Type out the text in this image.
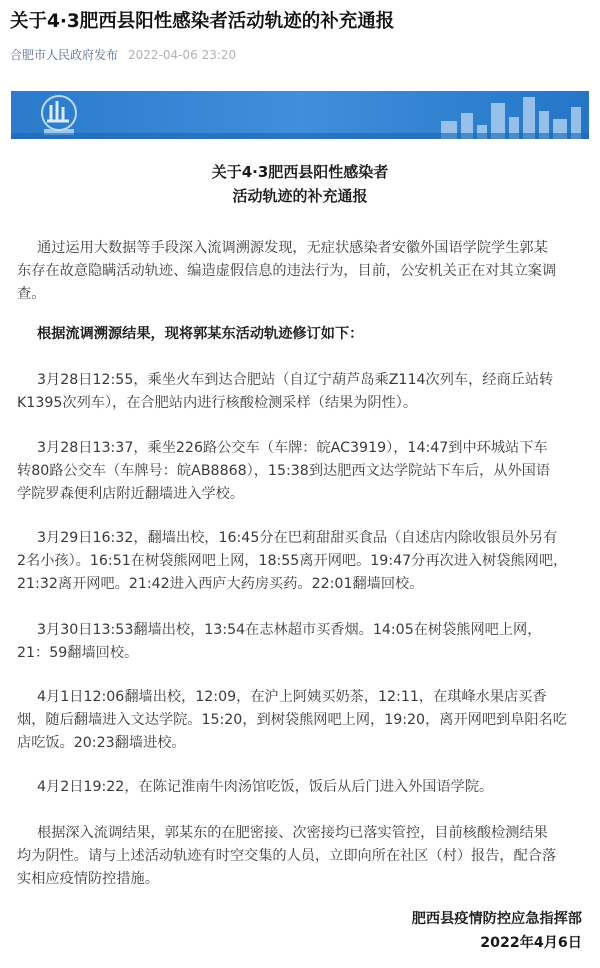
关于4·3肥西县阳性感染者活动轨迹的补充通报
合肥市人民政府发布 2022-04-06 23:20
关于4·3肥西县阳性感染者
活动轨迹的补充通报
通过运用大数据等手段深入流调溯源发现，无症状感染者安徽外国语学院学生郭某
东存在故意隐瞒活动轨迹、编造虚假信息的违法行为，目前，公安机关正在对其立案调
查。
根据流调溯源结果，现将郭某东活动轨迹修订如下：
3月28日12:55，乘坐火车到达合肥站（自辽宁葫芦岛乘Z114次列车，经商丘站转
K1395次列车），在合肥站内进行核酸检测采样（结果为阴性）。
3月28日13:37，乘坐226路公交车（车牌：皖AC3919），14:47到中环城站下车
转80路公交车（车牌号：皖AB8868），15:38到达肥西文达学院站下车后，从外国语
学院罗森便利店附近翻墙进入学校。
3月29日16:32，翻墙出校，16:45分在巴莉甜甜买食品（自述店内除收银员外另有
2名小孩）。16:51在树袋熊网吧上网，18:55离开网吧。19:47分再次进入树袋熊网吧，
21:32离开网吧。21:42进入西庐大药房买药。22:01翻墙回校。
3月30日13:53翻墙出校，13:54在志林超市买香烟。14:05在树袋熊网吧上网，
21：59翻墙回校。
4月1日12:06翻墙出校，12:09，在沪上阿姨买奶茶，12:11，在琪峰水果店买香
烟，随后翻墙进入文达学院。15:20，到树袋熊网吧上网，19:20，离开网吧到阜阳名吃
店吃饭。20:23翻墙进校。
4月2日19:22，在陈记淮南牛肉汤馆吃饭，饭后从后门进入外国语学院。
根据深入流调结果，郭某东的在肥密接、次密接均已落实管控，目前核酸检测结果
均为阴性。请与上述活动轨迹有时空交集的人员，立即向所在社区（村）报告，配合落
实相应疫情防控措施。
肥西县疫情防控应急指挥部
2022年4月6日
